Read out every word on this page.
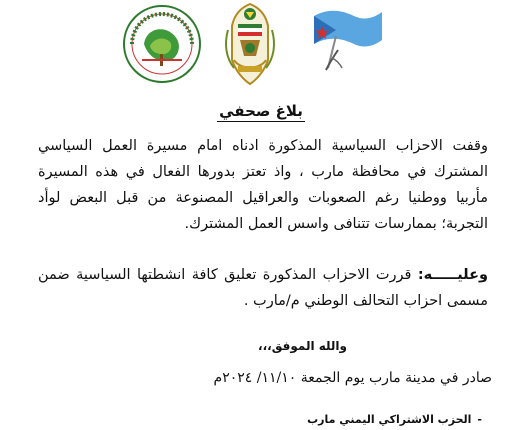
بلاغ صحفي

وقفت الاحزاب السياسية المذكورة ادناه امام مسيرة العمل السياسي المشترك في محافظة مارب ، واذ تعتز بدورها الفعال في هذه المسيرة مأربيا ووطنيا رغم الصعوبات والعراقيل المصنوعة من قبل البعض لوأد التجربة؛ بممارسات تتنافى واسس العمل المشترك.

وعليـــــه: قررت الاحزاب المذكورة تعليق كافة انشطتها السياسية ضمن مسمى احزاب التحالف الوطني م/مارب .

والله الموفق،،،
صادر في مدينة مارب يوم الجمعة ١١/١٠/ ٢٠٢٤م
-الحزب الاشتراكي اليمني مارب
